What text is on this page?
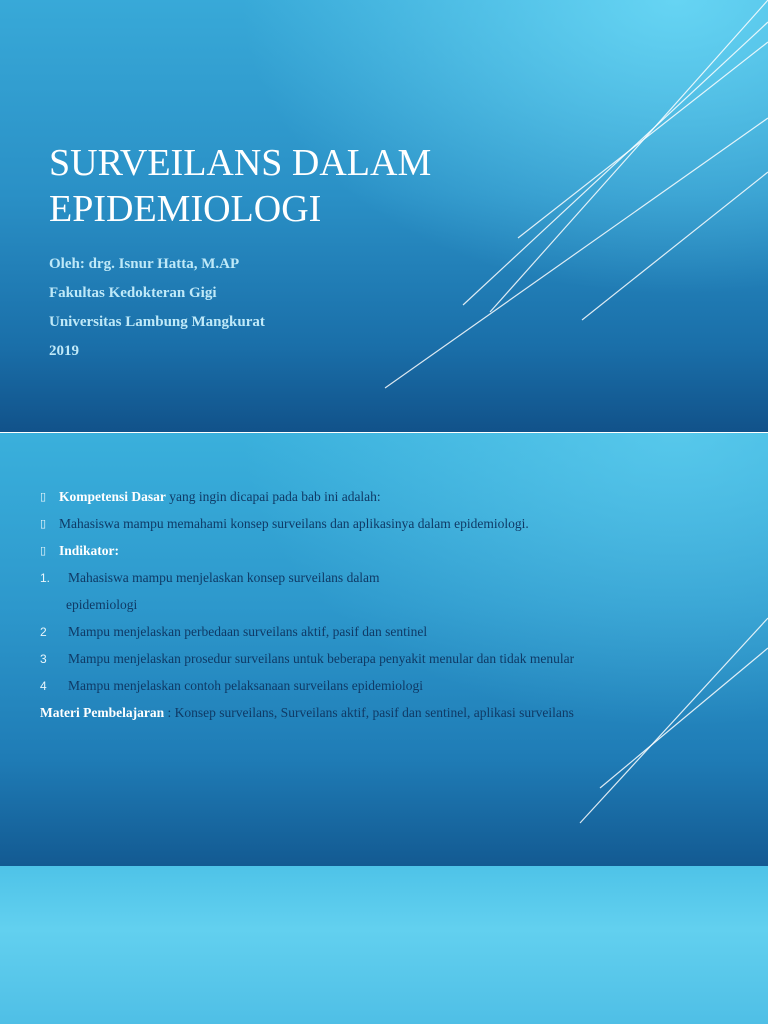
SURVEILANS DALAM
EPIDEMIOLOGI
Oleh: drg. Isnur Hatta, M.AP
Fakultas Kedokteran Gigi
Universitas Lambung Mangkurat
2019
▯ Kompetensi Dasar yang ingin dicapai pada bab ini adalah:
▯ Mahasiswa mampu memahami konsep surveilans dan aplikasinya dalam epidemiologi.
▯ Indikator:
1. Mahasiswa mampu menjelaskan konsep surveilans dalam
epidemiologi
2 Mampu menjelaskan perbedaan surveilans aktif, pasif dan sentinel
3 Mampu menjelaskan prosedur surveilans untuk beberapa penyakit menular dan tidak menular
4 Mampu menjelaskan contoh pelaksanaan surveilans epidemiologi
Materi Pembelajaran : Konsep surveilans, Surveilans aktif, pasif dan sentinel, aplikasi surveilans
